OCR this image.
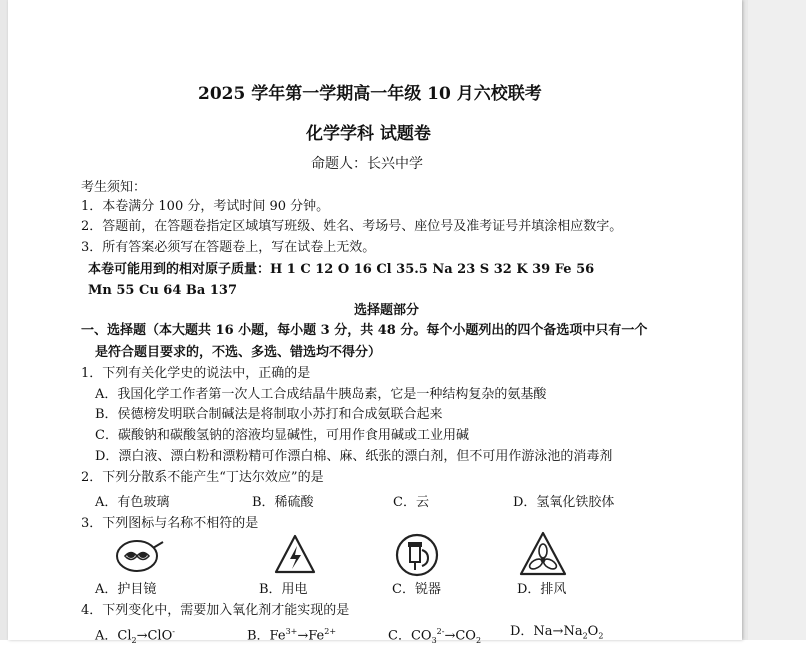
2025 学年第一学期高一年级 10 月六校联考
化学学科 试题卷
命题人：长兴中学
考生须知：
1．本卷满分 100 分，考试时间 90 分钟。
2．答题前，在答题卷指定区域填写班级、姓名、考场号、座位号及准考证号并填涂相应数字。
3．所有答案必须写在答题卷上，写在试卷上无效。
本卷可能用到的相对原子质量：H 1 C 12 O 16 Cl 35.5 Na 23 S 32 K 39 Fe 56
Mn 55 Cu 64 Ba 137
选择题部分
一、选择题（本大题共 16 小题，每小题 3 分，共 48 分。每个小题列出的四个备选项中只有一个
是符合题目要求的，不选、多选、错选均不得分）
1．下列有关化学史的说法中，正确的是
A．我国化学工作者第一次人工合成结晶牛胰岛素，它是一种结构复杂的氨基酸
B．侯德榜发明联合制碱法是将制取小苏打和合成氨联合起来
C．碳酸钠和碳酸氢钠的溶液均显碱性，可用作食用碱或工业用碱
D．漂白液、漂白粉和漂粉精可作漂白棉、麻、纸张的漂白剂，但不可用作游泳池的消毒剂
2．下列分散系不能产生“丁达尔效应”的是
A．有色玻璃	B．稀硫酸	C．云	D．氢氧化铁胶体
3．下列图标与名称不相符的是
A．护目镜	B．用电	C．锐器	D．排风
4．下列变化中，需要加入氧化剂才能实现的是
A．$Cl_2\to ClO^-$	B．$Fe^{3+}\to Fe^{2+}$	C．$CO_3^{2-}\to CO_2$
D．$Na\to Na_2O_2$
